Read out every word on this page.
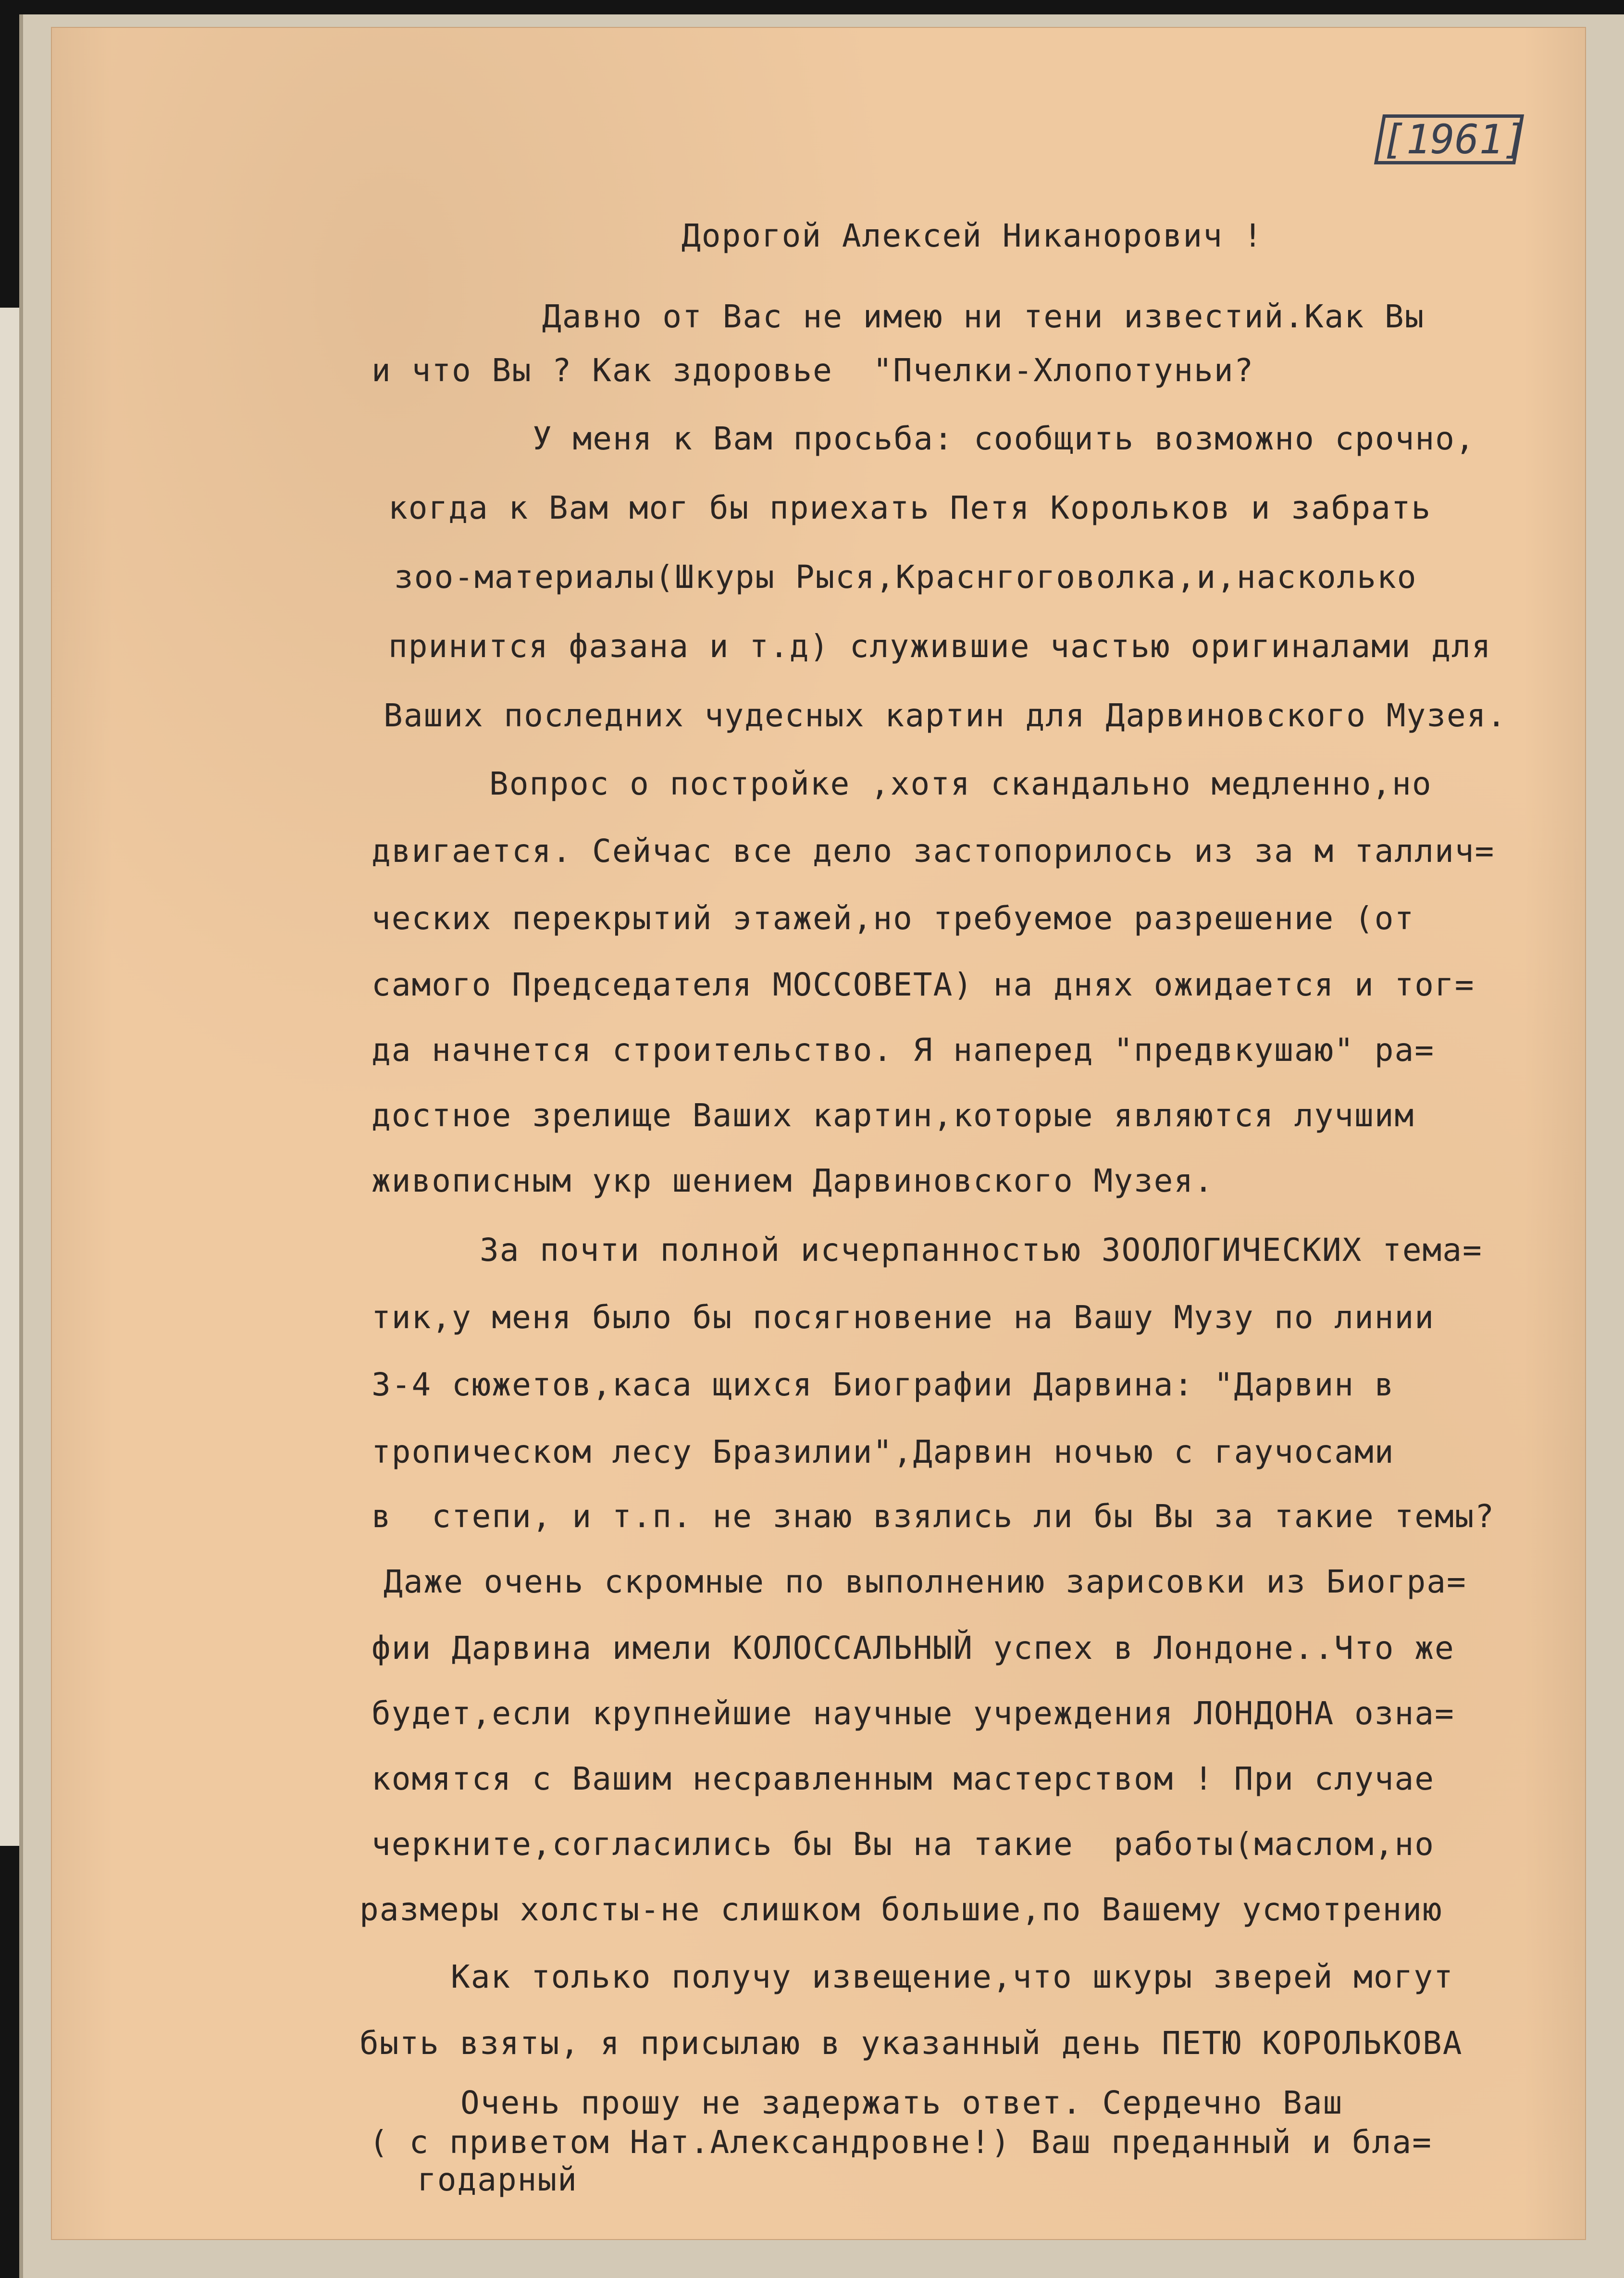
[1961]
Дорогой Алексей Никанорович !
Давно от Вас не имею ни тени известий.Как Вы
и что Вы ? Как здоровье  "Пчелки-Хлопотуньи?
У меня к Вам просьба: сообщить возможно срочно,
когда к Вам мог бы приехать Петя Корольков и забрать
зоо-материалы(Шкуры Рыся,Краснгоговолка,и,насколько
принится фазана и т.д) служившие частью оригиналами для
Ваших последних чудесных картин для Дарвиновского Музея.
Вопрос о постройке ,хотя скандально медленно,но
двигается. Сейчас все дело застопорилось из за м таллич=
ческих перекрытий этажей,но требуемое разрешение (от
самого Председателя МОССОВЕТА) на днях ожидается и тог=
да начнется строительство. Я наперед "предвкушаю" ра=
достное зрелище Ваших картин,которые являются лучшим
живописным укр шением Дарвиновского Музея.
За почти полной исчерпанностью ЗООЛОГИЧЕСКИХ тема=
тик,у меня было бы посягновение на Вашу Музу по линии
3-4 сюжетов,каса щихся Биографии Дарвина: "Дарвин в
тропическом лесу Бразилии",Дарвин ночью с гаучосами
в  степи, и т.п. не знаю взялись ли бы Вы за такие темы?
Даже очень скромные по выполнению зарисовки из Биогра=
фии Дарвина имели КОЛОССАЛЬНЫЙ успех в Лондоне..Что же
будет,если крупнейшие научные учреждения ЛОНДОНА озна=
комятся с Вашим несравленным мастерством ! При случае
черкните,согласились бы Вы на такие  работы(маслом,но
размеры холсты-не слишком большие,по Вашему усмотрению
Как только получу извещение,что шкуры зверей могут
быть взяты, я присылаю в указанный день ПЕТЮ КОРОЛЬКОВА
Очень прошу не задержать ответ. Сердечно Ваш
( с приветом Нат.Александровне!) Ваш преданный и бла=
годарный
